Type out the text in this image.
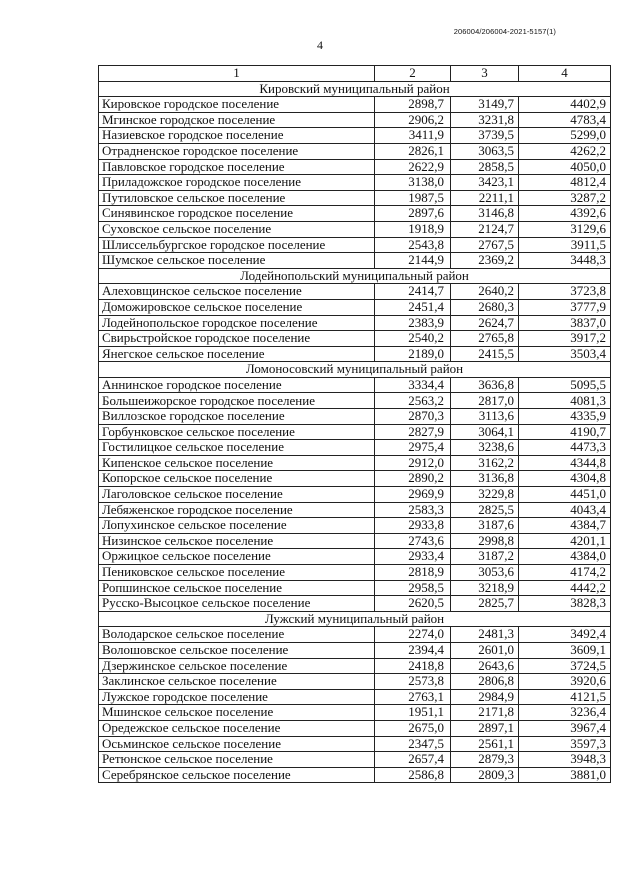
206004/206004-2021-5157(1)
4
1	2	3	4
Кировский муниципальный район			
Кировское городское поселение	2898,7	3149,7	4402,9
Мгинское городское поселение	2906,2	3231,8	4783,4
Назиевское городское поселение	3411,9	3739,5	5299,0
Отрадненское городское поселение	2826,1	3063,5	4262,2
Павловское городское поселение	2622,9	2858,5	4050,0
Приладожское городское поселение	3138,0	3423,1	4812,4
Путиловское сельское поселение	1987,5	2211,1	3287,2
Синявинское городское поселение	2897,6	3146,8	4392,6
Суховское сельское поселение	1918,9	2124,7	3129,6
Шлиссельбургское городское поселение	2543,8	2767,5	3911,5
Шумское сельское поселение	2144,9	2369,2	3448,3
Лодейнопольский муниципальный район			
Алеховщинское сельское поселение	2414,7	2640,2	3723,8
Доможировское сельское поселение	2451,4	2680,3	3777,9
Лодейнопольское городское поселение	2383,9	2624,7	3837,0
Свирьстройское городское поселение	2540,2	2765,8	3917,2
Янегское сельское поселение	2189,0	2415,5	3503,4
Ломоносовский муниципальный район			
Аннинское городское поселение	3334,4	3636,8	5095,5
Большеижорское городское поселение	2563,2	2817,0	4081,3
Виллозское городское поселение	2870,3	3113,6	4335,9
Горбунковское сельское поселение	2827,9	3064,1	4190,7
Гостилицкое сельское поселение	2975,4	3238,6	4473,3
Кипенское сельское поселение	2912,0	3162,2	4344,8
Копорское сельское поселение	2890,2	3136,8	4304,8
Лаголовское сельское поселение	2969,9	3229,8	4451,0
Лебяженское городское поселение	2583,3	2825,5	4043,4
Лопухинское сельское поселение	2933,8	3187,6	4384,7
Низинское сельское поселение	2743,6	2998,8	4201,1
Оржицкое сельское поселение	2933,4	3187,2	4384,0
Пениковское сельское поселение	2818,9	3053,6	4174,2
Ропшинское сельское поселение	2958,5	3218,9	4442,2
Русско-Высоцкое сельское поселение	2620,5	2825,7	3828,3
Лужский муниципальный район			
Володарское сельское поселение	2274,0	2481,3	3492,4
Волошовское сельское поселение	2394,4	2601,0	3609,1
Дзержинское сельское поселение	2418,8	2643,6	3724,5
Заклинское сельское поселение	2573,8	2806,8	3920,6
Лужское городское поселение	2763,1	2984,9	4121,5
Мшинское сельское поселение	1951,1	2171,8	3236,4
Оредежское сельское поселение	2675,0	2897,1	3967,4
Осьминское сельское поселение	2347,5	2561,1	3597,3
Ретюнское сельское поселение	2657,4	2879,3	3948,3
Серебрянское сельское поселение	2586,8	2809,3	3881,0
